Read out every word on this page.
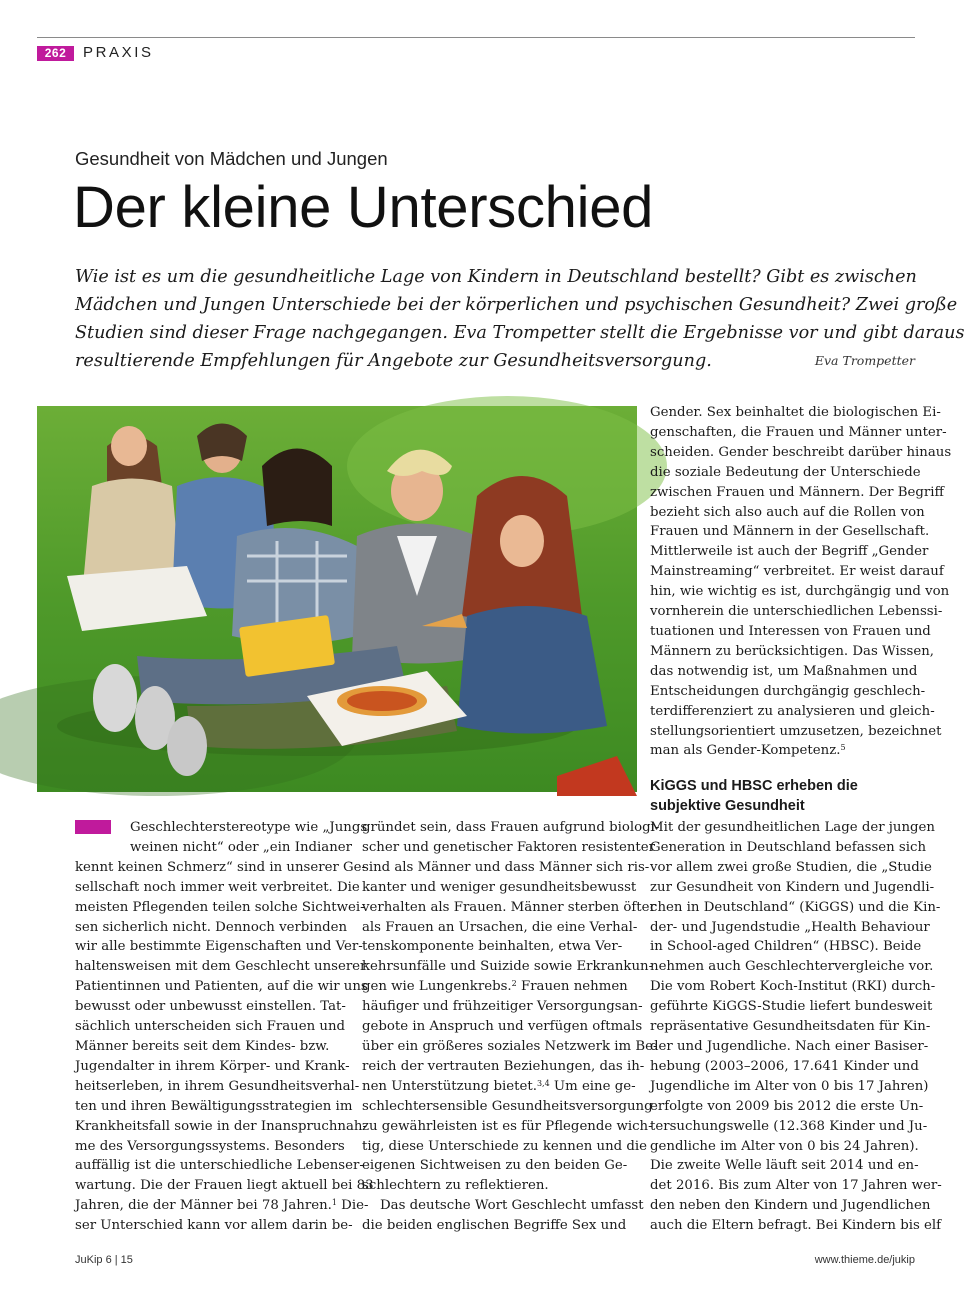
262	PRAXIS
Gesundheit von Mädchen und Jungen
Der kleine Unterschied

Wie ist es um die gesundheitliche Lage von Kindern in Deutschland bestellt? Gibt es zwischen

Mädchen und Jungen Unterschiede bei der körperlichen und psychischen Gesundheit? Zwei große

Studien sind dieser Frage nachgegangen. Eva Trompetter stellt die Ergebnisse vor und gibt daraus

resultierende Empfehlungen für Angebote zur Gesundheitsversorgung.	Eva Trompetter
Syda Productions/Fotolia.com

Geschlechterstereotype wie „Jungs

weinen nicht“ oder „ein Indianer

kennt keinen Schmerz“ sind in unserer Ge-

sellschaft noch immer weit verbreitet. Die

meisten Pflegenden teilen solche Sichtwei-

sen sicherlich nicht. Dennoch verbinden

wir alle bestimmte Eigenschaften und Ver-

haltensweisen mit dem Geschlecht unserer

Patientinnen und Patienten, auf die wir uns

bewusst oder unbewusst einstellen. Tat-

sächlich unterscheiden sich Frauen und

Männer bereits seit dem Kindes- bzw.

Jugendalter in ihrem Körper- und Krank-

heitserleben, in ihrem Gesundheitsverhal-

ten und ihren Bewältigungsstrategien im

Krankheitsfall sowie in der Inanspruchnah-

me des Versorgungssystems. Besonders

auffällig ist die unterschiedliche Lebenser-

wartung. Die der Frauen liegt aktuell bei 83

Jahren, die der Männer bei 78 Jahren.$^1$ Die-

ser Unterschied kann vor allem darin be-

gründet sein, dass Frauen aufgrund biologi-

scher und genetischer Faktoren resistenter

sind als Männer und dass Männer sich ris-

kanter und weniger gesundheitsbewusst

verhalten als Frauen. Männer sterben öfter

als Frauen an Ursachen, die eine Verhal-

tenskomponente beinhalten, etwa Ver-

kehrsunfälle und Suizide sowie Erkrankun-

gen wie Lungenkrebs.$^2$ Frauen nehmen

häufiger und frühzeitiger Versorgungsan-

gebote in Anspruch und verfügen oftmals

über ein größeres soziales Netzwerk im Be-

reich der vertrauten Beziehungen, das ih-

nen Unterstützung bietet.$^{3,4}$ Um eine ge-

schlechtersensible Gesundheitsversorgung

zu gewährleisten ist es für Pflegende wich-

tig, diese Unterschiede zu kennen und die

eigenen Sichtweisen zu den beiden Ge-

schlechtern zu reflektieren.

Das deutsche Wort Geschlecht umfasst

die beiden englischen Begriffe Sex und

Gender. Sex beinhaltet die biologischen Ei-

genschaften, die Frauen und Männer unter-

scheiden. Gender beschreibt darüber hinaus

die soziale Bedeutung der Unterschiede

zwischen Frauen und Männern. Der Begriff

bezieht sich also auch auf die Rollen von

Frauen und Männern in der Gesellschaft.

Mittlerweile ist auch der Begriff „Gender

Mainstreaming“ verbreitet. Er weist darauf

hin, wie wichtig es ist, durchgängig und von

vornherein die unterschiedlichen Lebenssi-

tuationen und Interessen von Frauen und

Männern zu berücksichtigen. Das Wissen,

das notwendig ist, um Maßnahmen und

Entscheidungen durchgängig geschlech-

terdifferenziert zu analysieren und gleich-

stellungsorientiert umzusetzen, bezeichnet

man als Gender-Kompetenz.$^5$

KiGGS und HBSC erheben die

subjektive Gesundheit

Mit der gesundheitlichen Lage der jungen

Generation in Deutschland befassen sich

vor allem zwei große Studien, die „Studie

zur Gesundheit von Kindern und Jugendli-

chen in Deutschland“ (KiGGS) und die Kin-

der- und Jugendstudie „Health Behaviour

in School-aged Children“ (HBSC). Beide

nehmen auch Geschlechtervergleiche vor.

Die vom Robert Koch-Institut (RKI) durch-

geführte KiGGS-Studie liefert bundesweit

repräsentative Gesundheitsdaten für Kin-

der und Jugendliche. Nach einer Basiser-

hebung (2003–2006, 17.641 Kinder und

Jugendliche im Alter von 0 bis 17 Jahren)

erfolgte von 2009 bis 2012 die erste Un-

tersuchungswelle (12.368 Kinder und Ju-

gendliche im Alter von 0 bis 24 Jahren).

Die zweite Welle läuft seit 2014 und en-

det 2016. Bis zum Alter von 17 Jahren wer-

den neben den Kindern und Jugendlichen

auch die Eltern befragt. Bei Kindern bis elf

JuKip 6 | 15	www.thieme.de/jukip
